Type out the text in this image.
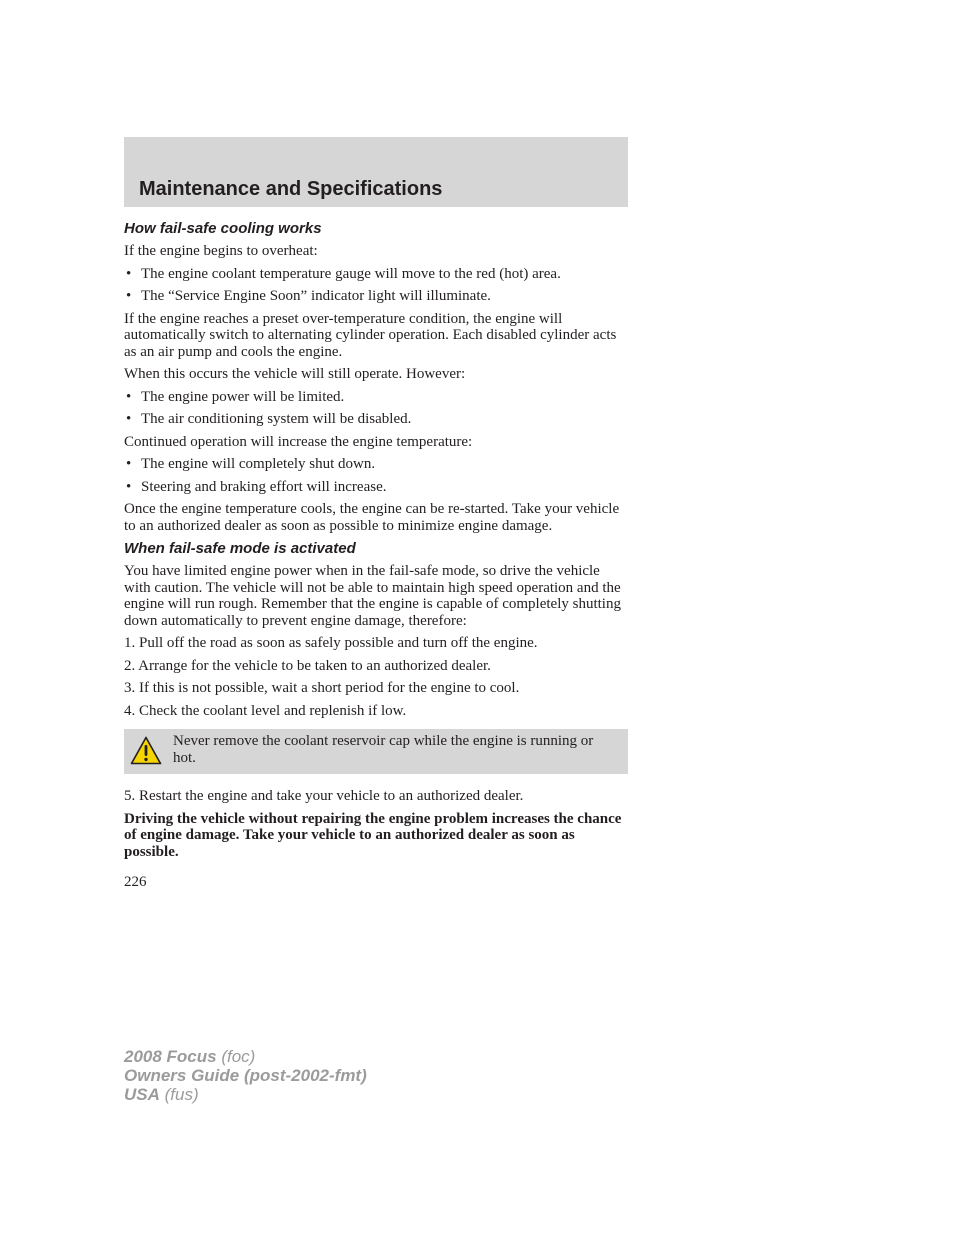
Maintenance and Specifications
How fail-safe cooling works

If the engine begins to overheat:

• The engine coolant temperature gauge will move to the red (hot) area.
• The “Service Engine Soon” indicator light will illuminate.

If the engine reaches a preset over-temperature condition, the engine will automatically switch to alternating cylinder operation. Each disabled cylinder acts as an air pump and cools the engine.

When this occurs the vehicle will still operate. However:

• The engine power will be limited.
• The air conditioning system will be disabled.

Continued operation will increase the engine temperature:

• The engine will completely shut down.
• Steering and braking effort will increase.

Once the engine temperature cools, the engine can be re-started. Take your vehicle to an authorized dealer as soon as possible to minimize engine damage.

When fail-safe mode is activated

You have limited engine power when in the fail-safe mode, so drive the vehicle with caution. The vehicle will not be able to maintain high speed operation and the engine will run rough. Remember that the engine is capable of completely shutting down automatically to prevent engine damage, therefore:

1. Pull off the road as soon as safely possible and turn off the engine.
2. Arrange for the vehicle to be taken to an authorized dealer.
3. If this is not possible, wait a short period for the engine to cool.
4. Check the coolant level and replenish if low.
Never remove the coolant reservoir cap while the engine is running or hot.

5. Restart the engine and take your vehicle to an authorized dealer.

Driving the vehicle without repairing the engine problem increases the chance of engine damage. Take your vehicle to an authorized dealer as soon as possible.

226
2008 Focus (foc)
Owners Guide (post-2002-fmt)
USA (fus)
